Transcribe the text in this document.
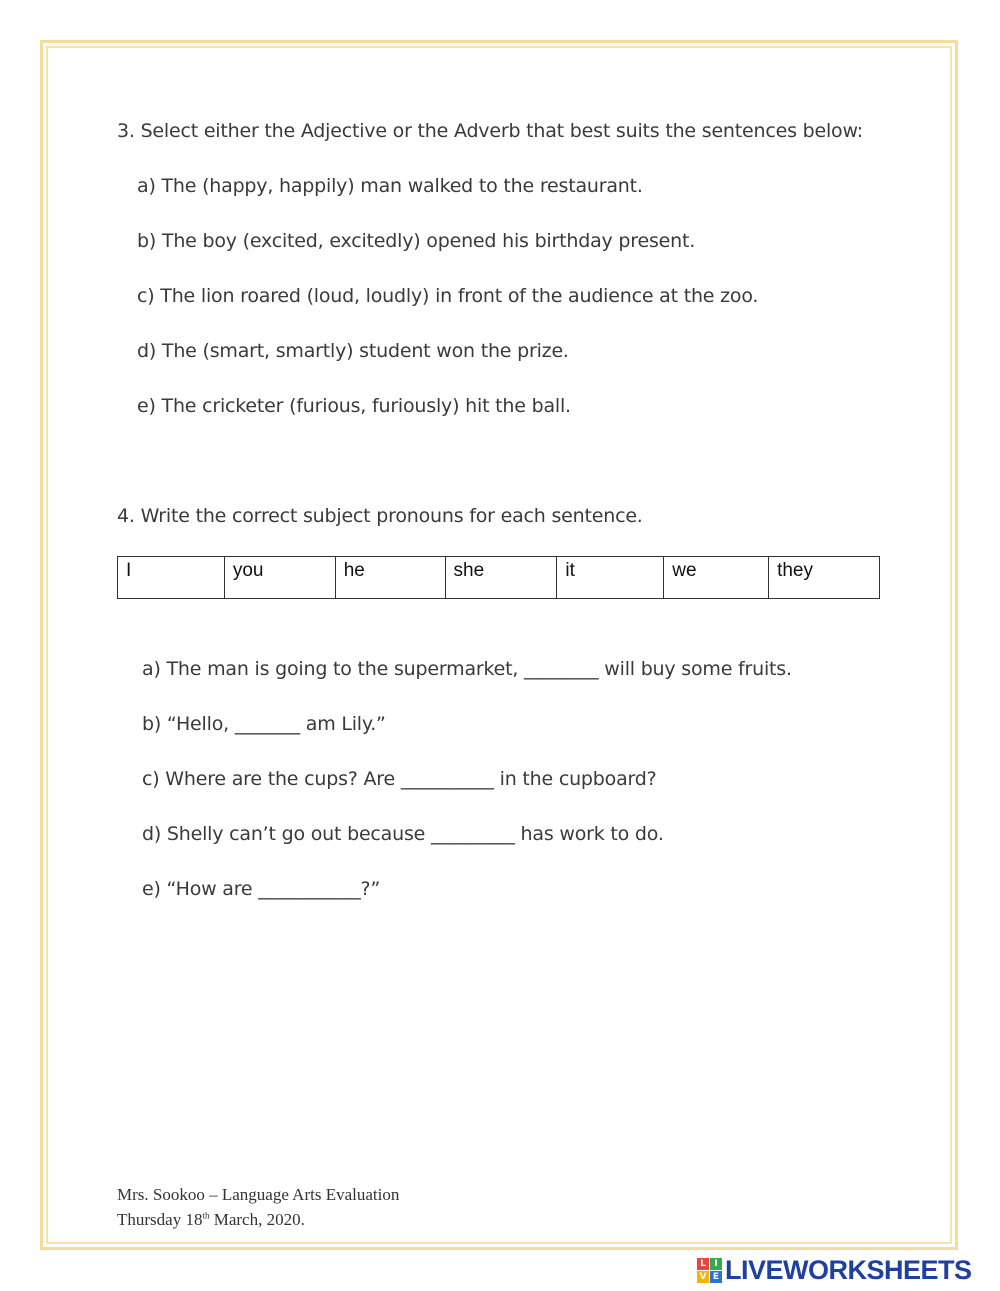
3. Select either the Adjective or the Adverb that best suits the sentences below:
a) The (happy, happily) man walked to the restaurant.
b) The boy (excited, excitedly) opened his birthday present.
c) The lion roared (loud, loudly) in front of the audience at the zoo.
d) The (smart, smartly) student won the prize.
e) The cricketer (furious, furiously) hit the ball.
4. Write the correct subject pronouns for each sentence.
I	you	he	she	it	we	they
a) The man is going to the supermarket, ________ will buy some fruits.
b) “Hello, _______ am Lily.”
c) Where are the cups? Are __________ in the cupboard?
d) Shelly can’t go out because _________ has work to do.
e) “How are ___________?”
Mrs. Sookoo – Language Arts Evaluation
Thursday 18th March, 2020.
L I
V E LIVEWORKSHEETS
